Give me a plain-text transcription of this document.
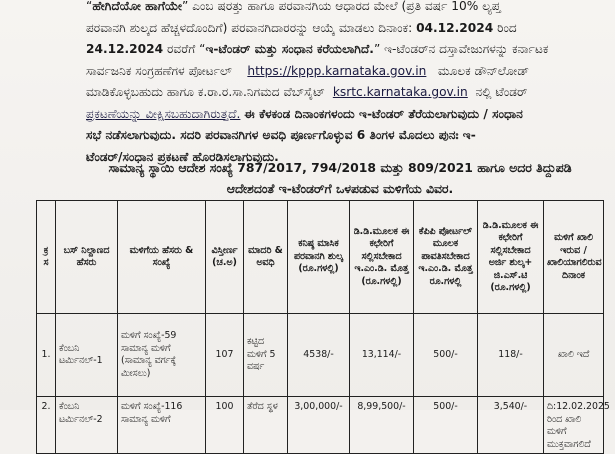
“ಹೇಗಿದೆಯೋ ಹಾಗೆಯೇ” ಎಂಬ ಷರತ್ತು ಹಾಗೂ ಪರವಾನಗಿಯ ಆಧಾರದ ಮೇಲೆ (ಪ್ರತಿ ವರ್ಷ 10% ಲ್ಯಪ್ತ
ಪರವಾನಗಿ ಶುಲ್ಕದ ಹೆಚ್ಚಳದೊಂದಿಗೆ) ಪರವಾನಗಿದಾರರನ್ನು ಆಯ್ಕೆ ಮಾಡಲು ದಿನಾಂಕ: 04.12.2024 ರಿಂದ
24.12.2024 ರವರೆಗೆ “ಇ-ಟೆಂಡರ್ ಮತ್ತು ಸಂಧಾನ ಕರೆಯಲಾಗಿದೆ.” ಇ-ಟೆಂಡರ್‌ನ ದಸ್ತಾವೇಜುಗಳನ್ನು ಕರ್ನಾಟಕ
ಸಾರ್ವಜನಿಕ ಸಂಗ್ರಹಣೆಗಳ ಪೋರ್ಟಲ್ https://kppp.karnataka.gov.in ಮೂಲಕ ಡೌನ್‌ಲೋಡ್
ಮಾಡಿಕೊಳ್ಳಬಹುದು ಹಾಗೂ ಕ.ರಾ.ರ.ಸಾ.ನಿಗಮದ ವೆಬ್‌ಸೈಟ್ ksrtc.karnataka.gov.in ನಲ್ಲಿ ಟೆಂಡರ್
ಪ್ರಕಟಣೆಯನ್ನು ವೀಕ್ಷಿಸಬಹುದಾಗಿರುತ್ತದೆ. ಈ ಕೆಳಕಂಡ ದಿನಾಂಕಗಳಂದು ಇ-ಟೆಂಡರ್ ತೆರೆಯಲಾಗುವುದು / ಸಂಧಾನ
ಸಭೆ ನಡೆಸಲಾಗುವುದು. ಸದರಿ ಪರವಾನಗಿಗಳ ಅವಧಿ ಪೂರ್ಣಗೊಳ್ಳುವ 6 ತಿಂಗಳ ಮೊದಲು ಪುನಃ ಇ-
ಟೆಂಡರ್/ಸಂಧಾನ ಪ್ರಕಟಣೆ ಹೊರಡಿಸಲಾಗುವುದು.
ಸಾಮಾನ್ಯ ಸ್ಥಾಯಿ ಆದೇಶ ಸಂಖ್ಯೆ 787/2017, 794/2018 ಮತ್ತು 809/2021 ಹಾಗೂ ಅದರ ತಿದ್ದುಪಡಿ
ಆದೇಶದಂತೆ ಇ-ಟೆಂಡರ್‌ಗೆ ಒಳಪಡುವ ಮಳಿಗೆಯ ವಿವರ.
ಕ್ರ ಸ	ಬಸ್ ನಿಲ್ದಾಣದ ಹೆಸರು	ಮಳಿಗೆಯ ಹೆಸರು & ಸಂಖ್ಯೆ	ವಿಸ್ತೀರ್ಣ (ಚ.ಅ)	ಮಾದರಿ & ಅವಧಿ	ಕನಿಷ್ಠ ಮಾಸಿಕ ಪರವಾನಗಿ ಶುಲ್ಕ (ರೂ.ಗಳಲ್ಲಿ)	ಡಿ.ಡಿ.ಮೂಲಕ ಈ ಕಛೇರಿಗೆ ಸಲ್ಲಿಸಬೇಕಾದ ಇ.ಎಂ.ಡಿ. ಮೊತ್ತ (ರೂ.ಗಳಲ್ಲಿ)	ಕೆಪಿಪಿ ಪೋರ್ಟಲ್ ಮೂಲಕ ಪಾವತಿಸಬೇಕಾದ ಇ.ಎಂ.ಡಿ. ಮೊತ್ತ ರೂ.ಗಳಲ್ಲಿ	ಡಿ.ಡಿ.ಮೂಲಕ ಈ ಕಛೇರಿಗೆ ಸಲ್ಲಿಸಬೇಕಾದ ಅರ್ಜಿ ಶುಲ್ಕ+ ಜಿ.ಎಸ್.ಟಿ (ರೂ.ಗಳಲ್ಲಿ)	ಮಳಿಗೆ ಖಾಲಿ ಇರುವ / ಖಾಲಿಯಾಗಲಿರುವ ದಿನಾಂಕ
1.	ಕೆಂಬನಿ ಟರ್ಮಿನಲ್-1	ಮಳಿಗೆ ಸಂಖ್ಯೆ-59 ಸಾಮಾನ್ಯ ಮಳಿಗೆ (ಸಾಮಾನ್ಯ ವರ್ಗಕ್ಕೆ ಮೀಸಲು)	107	ಕಟ್ಟಿದ ಮಳಿಗೆ 5 ವರ್ಷ	4538/-	13,114/-	500/-	118/-	ಖಾಲಿ ಇದೆ
2.	ಕೆಂಬನಿ ಟರ್ಮಿನಲ್-2	ಮಳಿಗೆ ಸಂಖ್ಯೆ-116 ಸಾಮಾನ್ಯ ಮಳಿಗೆ	100	ತೆರೆದ ಸ್ಥಳ	3,00,000/-	8,99,500/-	500/-	3,540/-	ದಿ:12.02.2025 ರಿಂದ ಖಾಲಿ ಮಳಿಗೆ ಮುಕ್ತವಾಗಲಿದೆ
